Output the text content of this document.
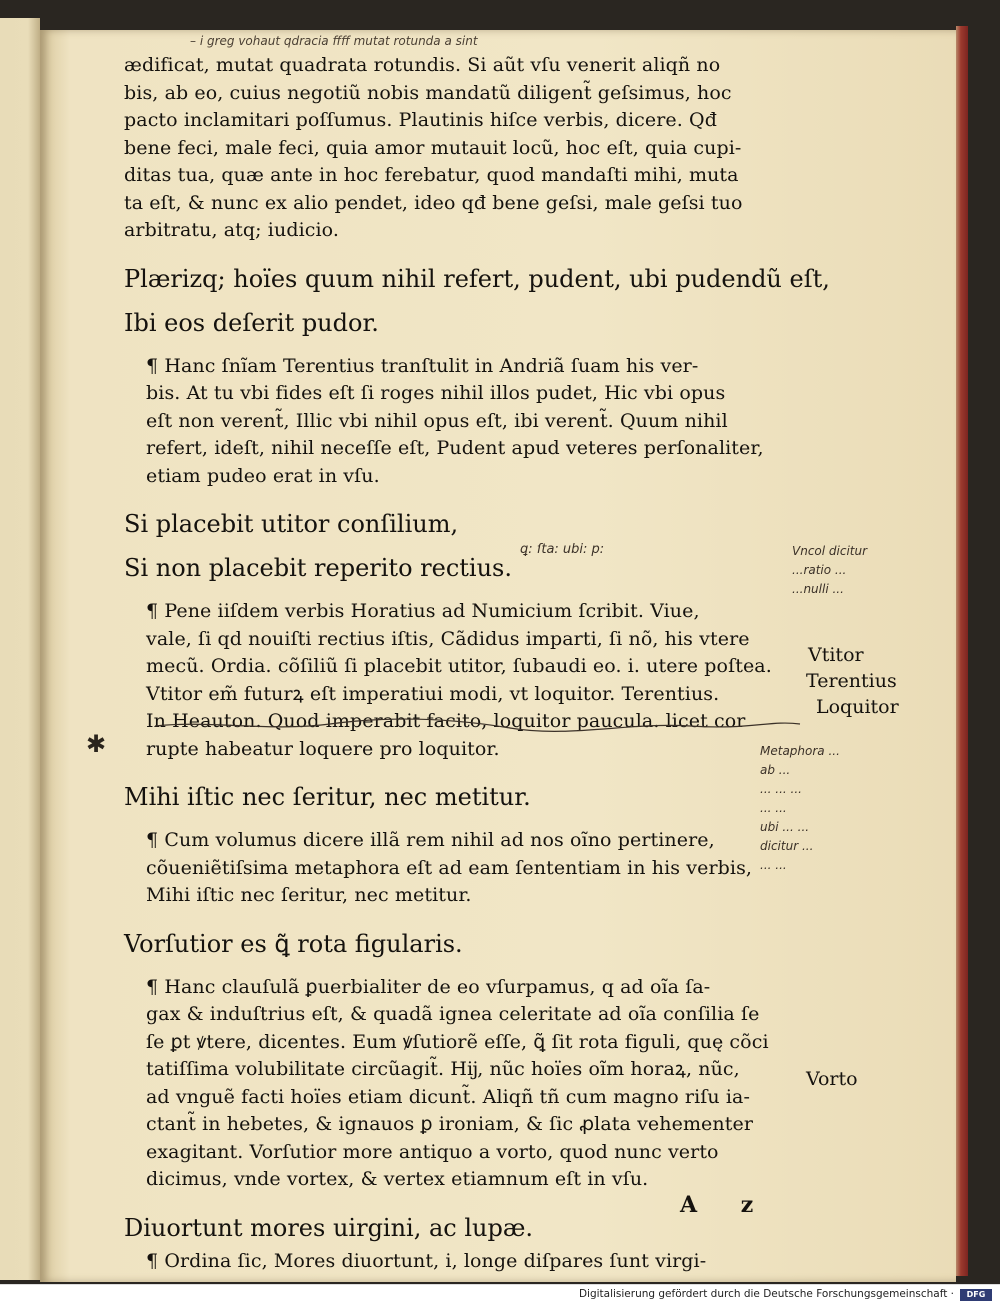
– i greg vohaut qdracia ffff mutat rotunda a sint
ædificat, mutat quadrata rotundis. Si aũt vſu venerit aliqñ no
bis, ab eo, cuius negotiũ nobis mandatũ diligent͏̃ geſsimus, hoc
pacto inclamitari poſſumus. Plautinis hiſce verbis, dicere. Qđ
bene feci, male feci, quia amor mutauit locũ, hoc eſt, quia cupi-
ditas tua, quæ ante in hoc ferebatur, quod mandaſti mihi, muta
ta eſt, & nunc ex alio pendet, ideo qđ bene geſsi, male geſsi tuo
arbitratu, atq; iudicio.
Plærizq; hoïes quum nihil refert, pudent, ubi pudendũ eſt,
Ibi eos deſerit pudor.
¶ Hanc ſnĩam Terentius tranſtulit in Andriã ſuam his ver-
bis. At tu vbi fides eſt ſi roges nihil illos pudet, Hic vbi opus
eſt non verent͏̃, Illic vbi nihil opus eſt, ibi verent͏̃. Quum nihil
refert, ideſt, nihil neceſſe eſt, Pudent apud veteres perſonaliter,
etiam pudeo erat in vſu.
Si placebit utitor conſilium,
Si non placebit reperito rectius.
¶ Pene iiſdem verbis Horatius ad Numicium ſcribit. Viue,
vale, ſi qd nouiſti rectius iſtis, Cãdidus imparti, ſi nõ, his vtere
mecũ. Ordia. cõſiliũ ſi placebit utitor, ſubaudi eo. i. utere poſtea.
Vtitor em̃ futurꝝ eſt imperatiui modi, vt loquitor. Terentius.
In Heauton. Quod imperabit facito, loquitor paucula. licet cor
rupte habeatur loquere pro loquitor.
Mihi iſtic nec ſeritur, nec metitur.
¶ Cum volumus dicere illã rem nihil ad nos oĩno pertinere,
cõueniẽtiſsima metaphora eſt ad eam ſententiam in his verbis,
Mihi iſtic nec ſeritur, nec metitur.
Vorſutior es ꝗ̃ rota figularis.
¶ Hanc clauſulã ꝑuerbialiter de eo vſurpamus, q ad oĩa ſa-
gax & induſtrius eſt, & quadã ignea celeritate ad oĩa conſilia ſe
ſe ꝑt ꝟtere, dicentes. Eum ꝟſutiorẽ eſſe, ꝗ̃ ſit rota figuli, quę cõci
tatiſſima volubilitate circũagit͏̃. Hĳ, nũc hoïes oĩm horaꝝ, nũc,
ad vnguẽ facti hoïes etiam dicunt͏̃. Aliqñ tñ cum magno riſu ia-
ctant͏̃ in hebetes, & ignauos ꝑ ironiam, & ſic ꝓlata vehementer
exagitant. Vorſutior more antiquo a vorto, quod nunc verto
dicimus, vnde vortex, & vertex etiamnum eſt in vſu.
Diuortunt mores uirgini, ac lupæ.
¶ Ordina ſic, Mores diuortunt, i, longe diſpares ſunt virgi-
ꝗ: ſta: ubi: p:
Vtitor
Terentius
Loquitor
Vorto
Vncol dicitur
...ratio ...
...nulli ...
Metaphora ...
ab ...
... ... ...
... ...
ubi ... ...
dicitur ...
... ...
✱
A z
Digitalisierung gefördert durch die Deutsche Forschungsgemeinschaft ·	DFG
